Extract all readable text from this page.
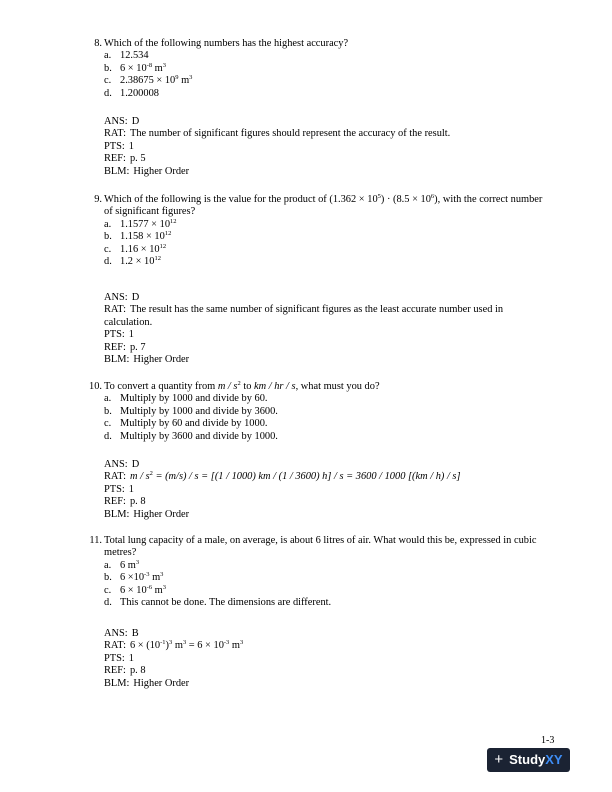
8. Which of the following numbers has the highest accuracy?
a. 12.534
b. $6 \times 10^{-8}$ $m^3$
c. $2.38675 \times 10^9$ $m^3$
d. 1.200008
ANS: D
RAT: The number of significant figures should represent the accuracy of the result.
PTS: 1
REF: p. 5
BLM: Higher Order
9. Which of the following is the value for the product of $(1.362 \times 10^5) \cdot (8.5 \times 10^6)$, with the correct number of significant figures?
a. $1.1577 \times 10^{12}$
b. $1.158 \times 10^{12}$
c. $1.16 \times 10^{12}$
d. $1.2 \times 10^{12}$
ANS: D
RAT: The result has the same number of significant figures as the least accurate number used in calculation.
PTS: 1
REF: p. 7
BLM: Higher Order
10. To convert a quantity from m / $s^2$ to km / hr / s, what must you do?
a. Multiply by 1000 and divide by 60.
b. Multiply by 1000 and divide by 3600.
c. Multiply by 60 and divide by 1000.
d. Multiply by 3600 and divide by 1000.
ANS: D
RAT: $m / s^2 = (m/s) / s = [(1 / 1000)$ km / (1 / 3600) h] / s = 3600 / 1000 [(km / h) / s]
PTS: 1
REF: p. 8
BLM: Higher Order
11. Total lung capacity of a male, on average, is about 6 litres of air. What would this be, expressed in cubic metres?
a. 6 $m^3$
b. $6 \times 10^{-3}$ $m^3$
c. $6 \times 10^{-6}$ $m^3$
d. This cannot be done. The dimensions are different.
ANS: B
RAT: $6 \times (10^{-1})^3$ $m^3 = 6 \times 10^{-3}$ $m^3$
PTS: 1
REF: p. 8
BLM: Higher Order
1-3
+ Study XY
